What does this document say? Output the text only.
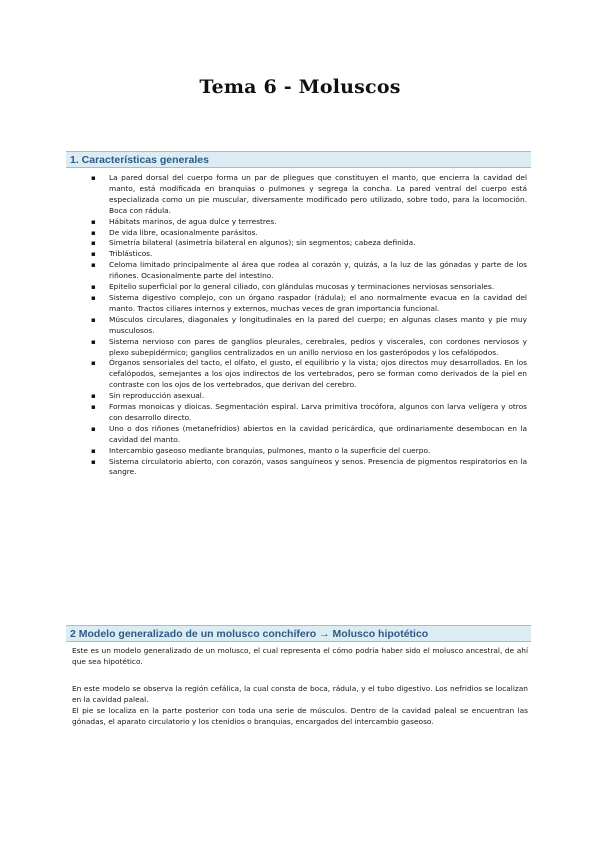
Tema 6 - Moluscos
1. Características generales
▪ La pared dorsal del cuerpo forma un par de pliegues que constituyen el manto, que encierra la cavidad del manto, está modificada en branquias o pulmones y segrega la concha. La pared ventral del cuerpo está especializada como un pie muscular, diversamente modificado pero utilizado, sobre todo, para la locomoción. Boca con rádula.
▪ Hábitats marinos, de agua dulce y terrestres.
▪ De vida libre, ocasionalmente parásitos.
▪ Simetría bilateral (asimetría bilateral en algunos); sin segmentos; cabeza definida.
▪ Triblásticos.
▪ Celoma limitado principalmente al área que rodea al corazón y, quizás, a la luz de las gónadas y parte de los riñones. Ocasionalmente parte del intestino.
▪ Epitelio superficial por lo general ciliado, con glándulas mucosas y terminaciones nerviosas sensoriales.
▪ Sistema digestivo complejo, con un órgano raspador (rádula); el ano normalmente evacua en la cavidad del manto. Tractos ciliares internos y externos, muchas veces de gran importancia funcional.
▪ Músculos circulares, diagonales y longitudinales en la pared del cuerpo; en algunas clases manto y pie muy musculosos.
▪ Sistema nervioso con pares de ganglios pleurales, cerebrales, pedios y viscerales, con cordones nerviosos y plexo subepidérmico; ganglios centralizados en un anillo nervioso en los gasterópodos y los cefalópodos.
▪ Órganos sensoriales del tacto, el olfato, el gusto, el equilibrio y la vista; ojos directos muy desarrollados. En los cefalópodos, semejantes a los ojos indirectos de los vertebrados, pero se forman como derivados de la piel en contraste con los ojos de los vertebrados, que derivan del cerebro.
▪ Sin reproducción asexual.
▪ Formas monoicas y dioicas. Segmentación espiral. Larva primitiva trocófora, algunos con larva velígera y otros con desarrollo directo.
▪ Uno o dos riñones (metanefridios) abiertos en la cavidad pericárdica, que ordinariamente desembocan en la cavidad del manto.
▪ Intercambio gaseoso mediante branquias, pulmones, manto o la superficie del cuerpo.
▪ Sistema circulatorio abierto, con corazón, vasos sanguíneos y senos. Presencia de pigmentos respiratorios en la sangre.
2 Modelo generalizado de un molusco conchífero → Molusco hipotético

Este es un modelo generalizado de un molusco, el cual representa el cómo podría haber sido el molusco ancestral, de ahí que sea hipotético.

En este modelo se observa la región cefálica, la cual consta de boca, rádula, y el tubo digestivo. Los nefridios se localizan en la cavidad paleal.

El pie se localiza en la parte posterior con toda una serie de músculos. Dentro de la cavidad paleal se encuentran las gónadas, el aparato circulatorio y los ctenidios o branquias, encargados del intercambio gaseoso.
